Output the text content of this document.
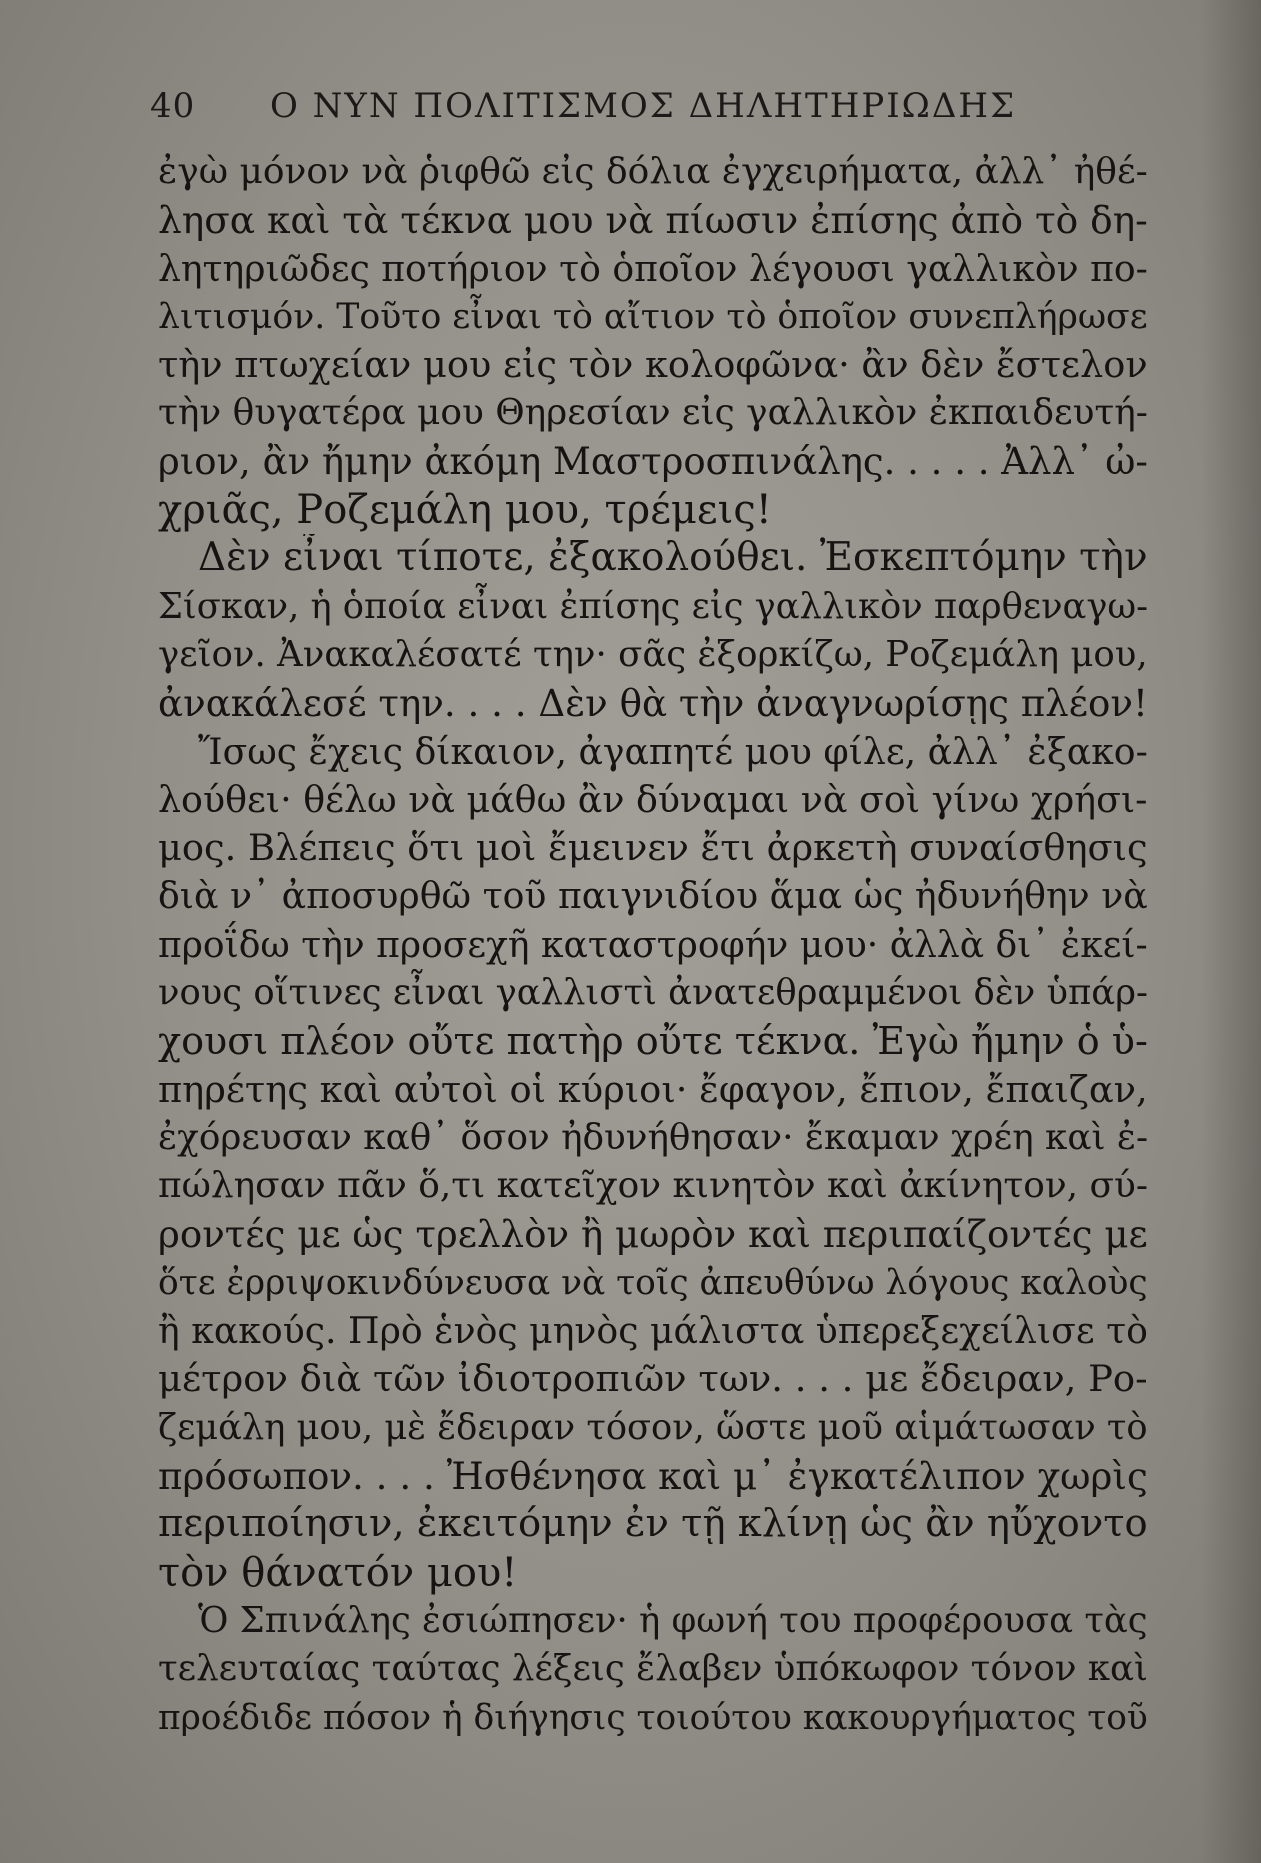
40 Ο ΝΥΝ ΠΟΛΙΤΙΣΜΟΣ ΔΗΛΗΤΗΡΙΩΔΗΣ
ἐγὼ μόνον νὰ ῥιφθῶ εἰς δόλια ἐγχειρήματα, ἀλλ᾽ ἠθέ-
λησα καὶ τὰ τέκνα μου νὰ πίωσιν ἐπίσης ἀπὸ τὸ δη-
λητηριῶδες ποτήριον τὸ ὁποῖον λέγουσι γαλλικὸν πο-
λιτισμόν. Τοῦτο εἶναι τὸ αἴτιον τὸ ὁποῖον συνεπλήρωσε
τὴν πτωχείαν μου εἰς τὸν κολοφῶνα· ἂν δὲν ἔστελον
τὴν θυγατέρα μου Θηρεσίαν εἰς γαλλικὸν ἐκπαιδευτή-
ριον, ἂν ἤμην ἀκόμη Μαστροσπινάλης. . . . . Ἀλλ᾽ ὠ-
χριᾶς, Ροζεμάλη μου, τρέμεις!
Δὲν εἶναι τίποτε, ἐξακολούθει. Ἐσκεπτόμην τὴν
Σίσκαν, ἡ ὁποία εἶναι ἐπίσης εἰς γαλλικὸν παρθεναγω-
γεῖον. Ἀνακαλέσατέ την· σᾶς ἐξορκίζω, Ροζεμάλη μου,
ἀνακάλεσέ την. . . . Δὲν θὰ τὴν ἀναγνωρίσῃς πλέον!
Ἴσως ἔχεις δίκαιον, ἀγαπητέ μου φίλε, ἀλλ᾽ ἐξακο-
λούθει· θέλω νὰ μάθω ἂν δύναμαι νὰ σοὶ γίνω χρήσι-
μος. Βλέπεις ὅτι μοὶ ἔμεινεν ἔτι ἀρκετὴ συναίσθησις
διὰ ν᾽ ἀποσυρθῶ τοῦ παιγνιδίου ἅμα ὡς ἠδυνήθην νὰ
προΐδω τὴν προσεχῆ καταστροφήν μου· ἀλλὰ δι᾽ ἐκεί-
νους οἵτινες εἶναι γαλλιστὶ ἀνατεθραμμένοι δὲν ὑπάρ-
χουσι πλέον οὔτε πατὴρ οὔτε τέκνα. Ἐγὼ ἤμην ὁ ὑ-
πηρέτης καὶ αὐτοὶ οἱ κύριοι· ἔφαγον, ἔπιον, ἔπαιζαν,
ἐχόρευσαν καθ᾽ ὅσον ἠδυνήθησαν· ἔκαμαν χρέη καὶ ἐ-
πώλησαν πᾶν ὅ,τι κατεῖχον κινητὸν καὶ ἀκίνητον, σύ-
ροντές με ὡς τρελλὸν ἢ μωρὸν καὶ περιπαίζοντές με
ὅτε ἐρριψοκινδύνευσα νὰ τοῖς ἀπευθύνω λόγους καλοὺς
ἢ κακούς. Πρὸ ἑνὸς μηνὸς μάλιστα ὑπερεξεχείλισε τὸ
μέτρον διὰ τῶν ἰδιοτροπιῶν των. . . . με ἔδειραν, Ρο-
ζεμάλη μου, μὲ ἔδειραν τόσον, ὥστε μοῦ αἱμάτωσαν τὸ
πρόσωπον. . . . Ἠσθένησα καὶ μ᾽ ἐγκατέλιπον χωρὶς
περιποίησιν, ἐκειτόμην ἐν τῇ κλίνῃ ὡς ἂν ηὔχοντο
τὸν θάνατόν μου!
Ὁ Σπινάλης ἐσιώπησεν· ἡ φωνή του προφέρουσα τὰς
τελευταίας ταύτας λέξεις ἔλαβεν ὑπόκωφον τόνον καὶ
προέδιδε πόσον ἡ διήγησις τοιούτου κακουργήματος τοῦ
